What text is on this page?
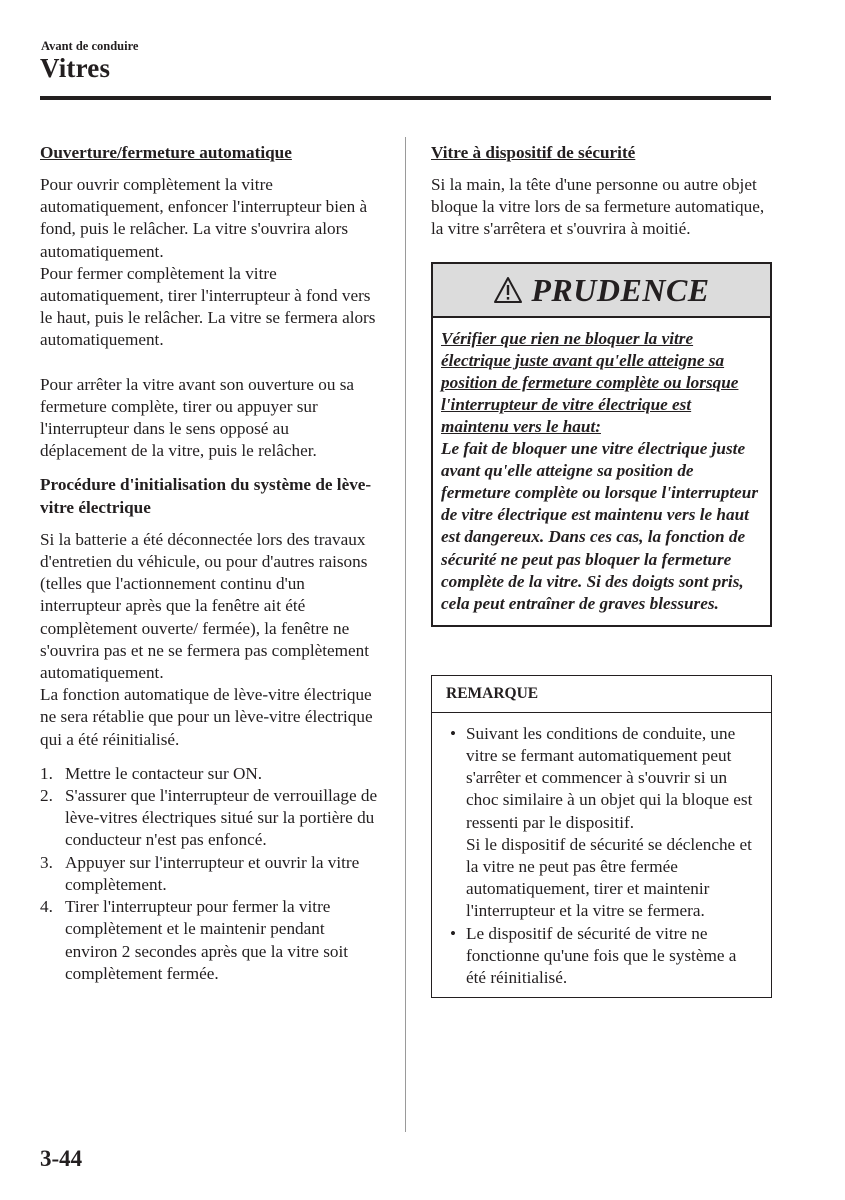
Avant de conduire
Vitres

Ouverture/fermeture automatique

Pour ouvrir complètement la vitre automatiquement, enfoncer l'interrupteur bien à fond, puis le relâcher. La vitre s'ouvrira alors automatiquement.

Pour fermer complètement la vitre automatiquement, tirer l'interrupteur à fond vers le haut, puis le relâcher. La vitre se fermera alors automatiquement.

Pour arrêter la vitre avant son ouverture ou sa fermeture complète, tirer ou appuyer sur l'interrupteur dans le sens opposé au déplacement de la vitre, puis le relâcher.

Procédure d'initialisation du système de lève-vitre électrique

Si la batterie a été déconnectée lors des travaux d'entretien du véhicule, ou pour d'autres raisons (telles que l'actionnement continu d'un interrupteur après que la fenêtre ait été complètement ouverte/ fermée), la fenêtre ne s'ouvrira pas et ne se fermera pas complètement automatiquement.

La fonction automatique de lève-vitre électrique ne sera rétablie que pour un lève-vitre électrique qui a été réinitialisé.

1. Mettre le contacteur sur ON.
2. S'assurer que l'interrupteur de verrouillage de lève-vitres électriques situé sur la portière du conducteur n'est pas enfoncé.
3. Appuyer sur l'interrupteur et ouvrir la vitre complètement.
4. Tirer l'interrupteur pour fermer la vitre complètement et le maintenir pendant environ 2 secondes après que la vitre soit complètement fermée.

Vitre à dispositif de sécurité

Si la main, la tête d'une personne ou autre objet bloque la vitre lors de sa fermeture automatique, la vitre s'arrêtera et s'ouvrira à moitié.

PRUDENCE
Vérifier que rien ne bloquer la vitre électrique juste avant qu'elle atteigne sa position de fermeture complète ou lorsque l'interrupteur de vitre électrique est maintenu vers le haut:
Le fait de bloquer une vitre électrique juste avant qu'elle atteigne sa position de fermeture complète ou lorsque l'interrupteur de vitre électrique est maintenu vers le haut est dangereux. Dans ces cas, la fonction de sécurité ne peut pas bloquer la fermeture complète de la vitre. Si des doigts sont pris, cela peut entraîner de graves blessures.
REMARQUE
• Suivant les conditions de conduite, une vitre se fermant automatiquement peut s'arrêter et commencer à s'ouvrir si un choc similaire à un objet qui la bloque est ressenti par le dispositif.
Si le dispositif de sécurité se déclenche et la vitre ne peut pas être fermée automatiquement, tirer et maintenir l'interrupteur et la vitre se fermera.
• Le dispositif de sécurité de vitre ne fonctionne qu'une fois que le système a été réinitialisé.
3-44
